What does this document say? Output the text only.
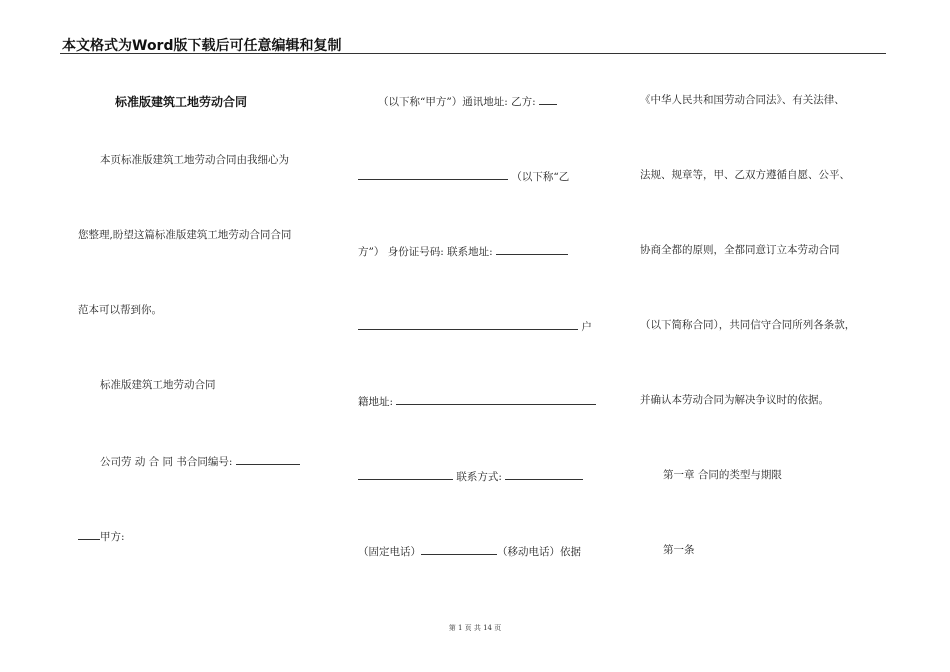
本文格式为Word版下载后可任意编辑和复制
标准版建筑工地劳动合同
本页标准版建筑工地劳动合同由我细心为
您整理,盼望这篇标准版建筑工地劳动合同合同
范本可以帮到你。
标准版建筑工地劳动合同
公司劳 动 合 同 书合同编号:
甲方:
（以下称“甲方”）通讯地址: 乙方:
（以下称“乙
方”） 身份证号码: 联系地址:
户
籍地址:
联系方式:
（固定电话）	（移动电话）依据
《中华人民共和国劳动合同法》、有关法律、
法规、规章等，甲、乙双方遵循自愿、公平、
协商全都的原则，全都同意订立本劳动合同
（以下简称合同），共同信守合同所列各条款，
并确认本劳动合同为解决争议时的依据。
第一章 合同的类型与期限
第一条
第 1 页 共 14 页
